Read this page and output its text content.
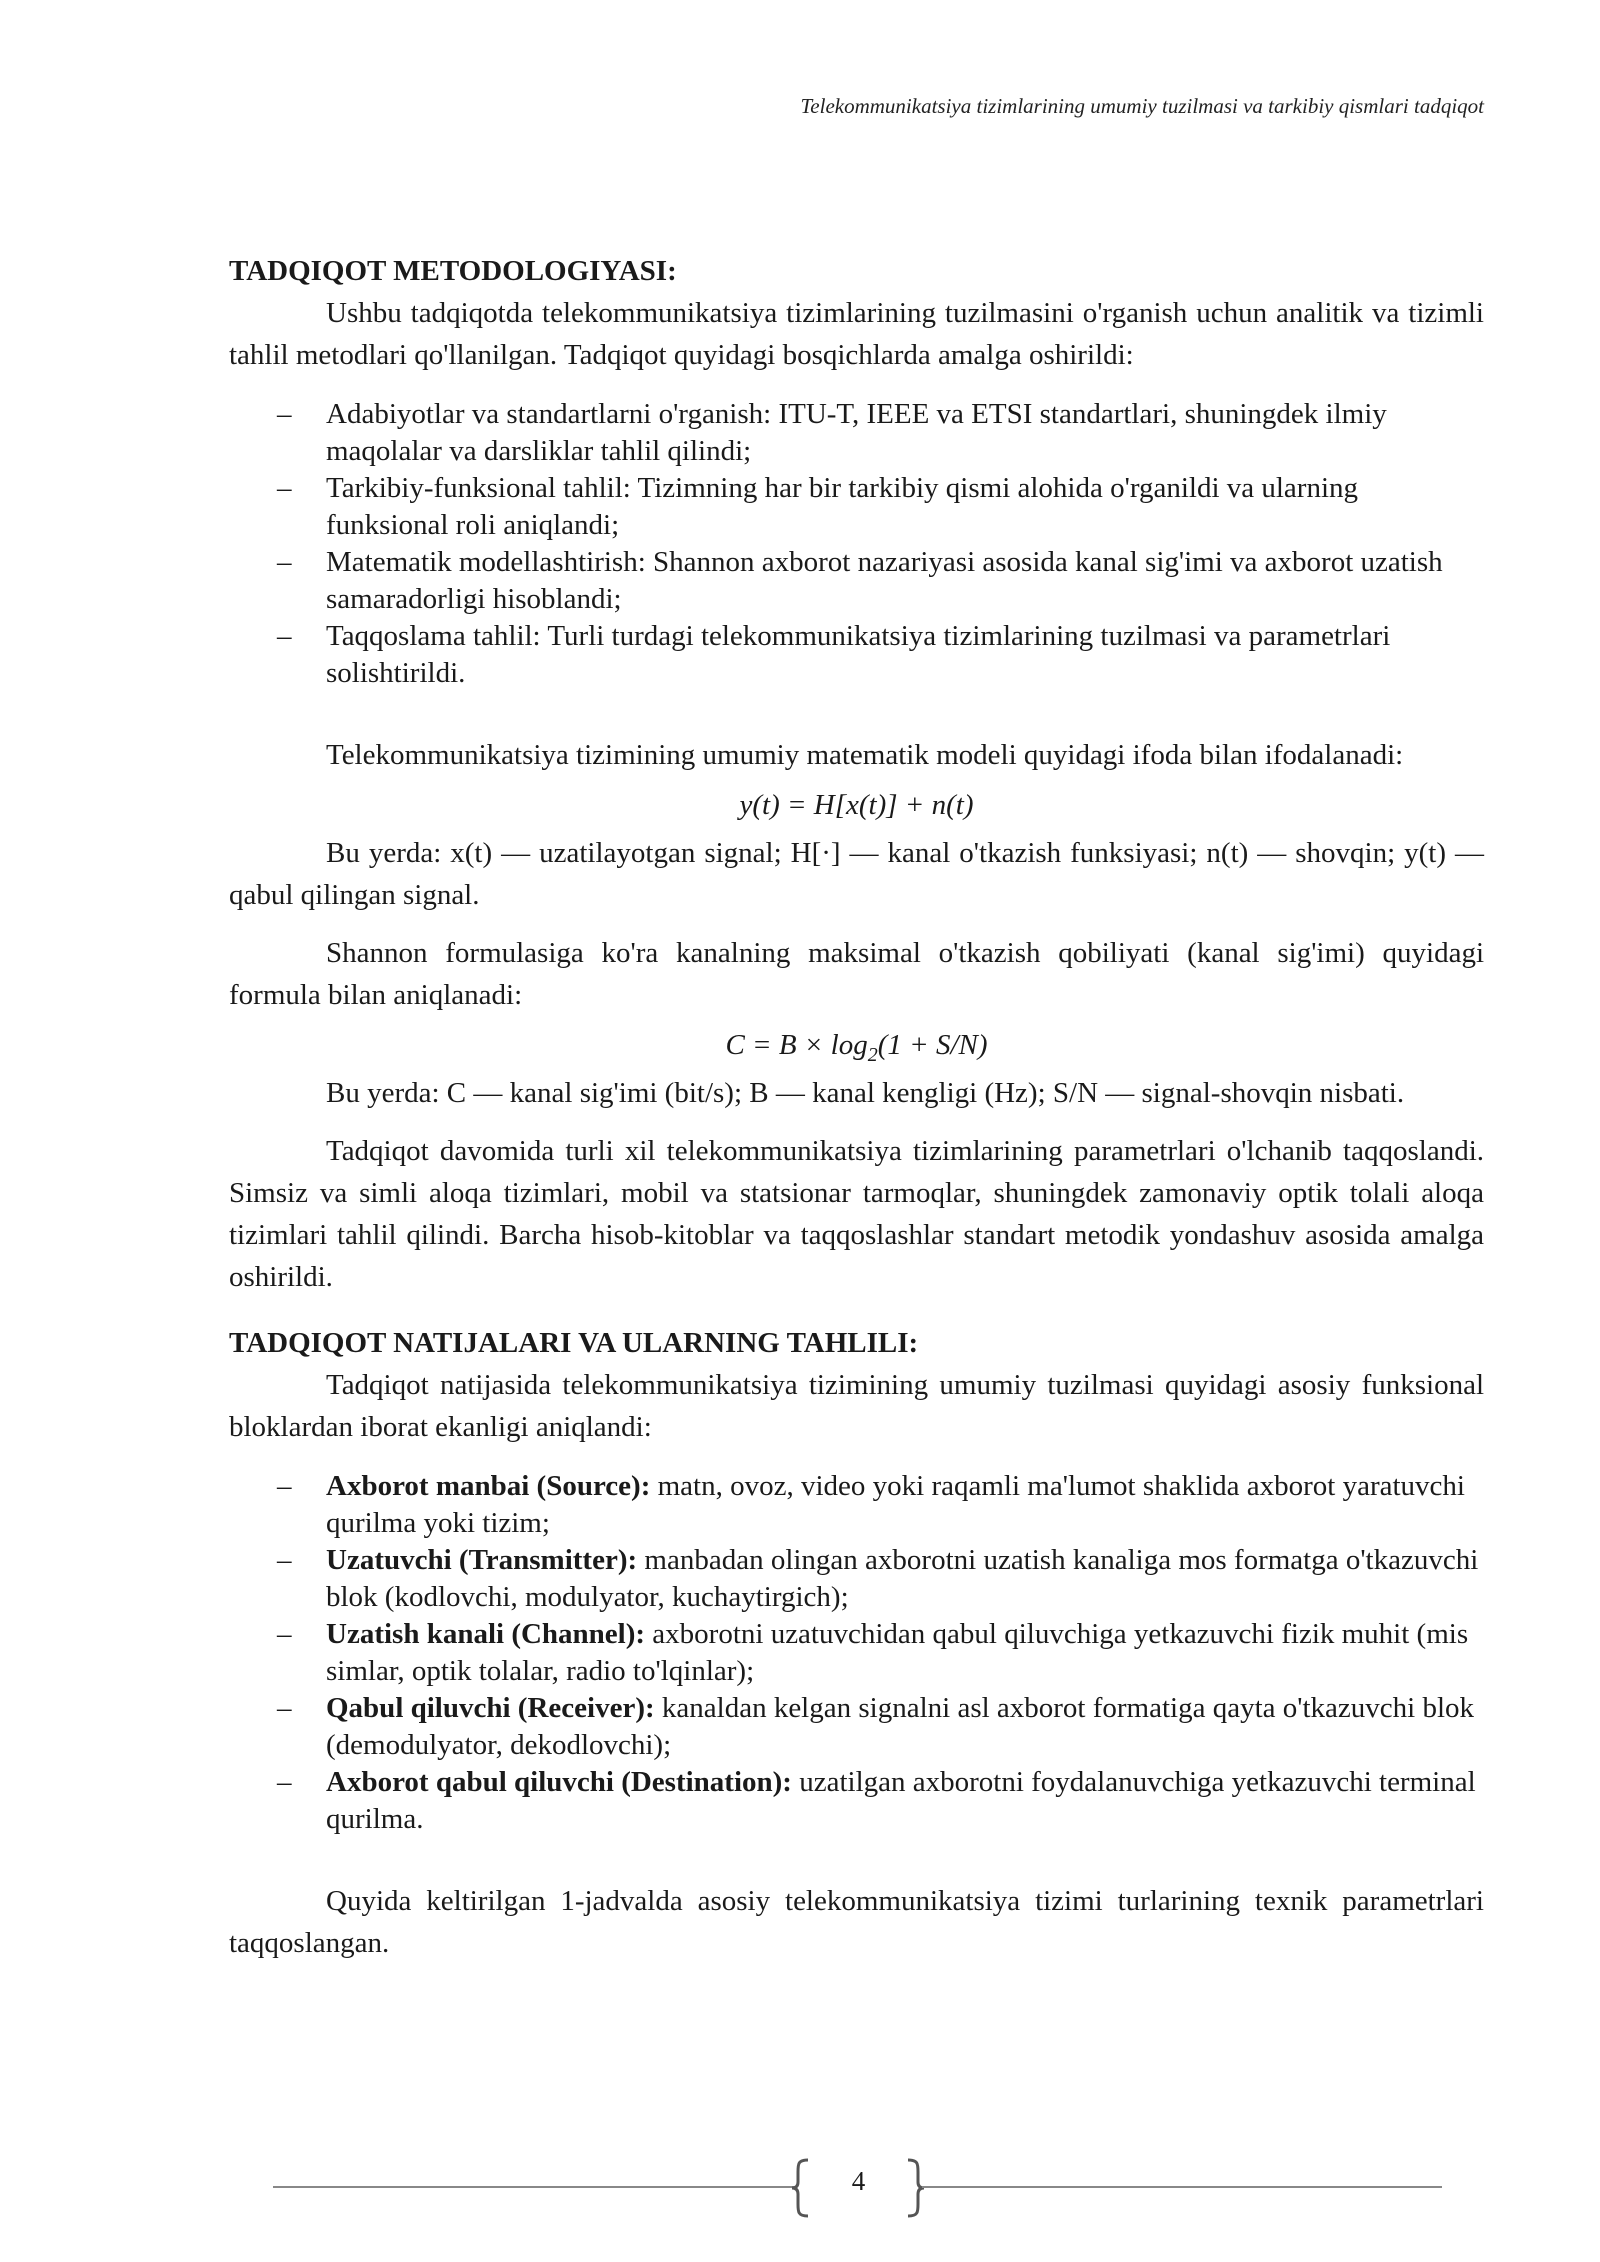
Telekommunikatsiya tizimlarining umumiy tuzilmasi va tarkibiy qismlari tadqiqot
TADQIQOT METODOLOGIYASI:

Ushbu tadqiqotda telekommunikatsiya tizimlarining tuzilmasini o'rganish uchun analitik va tizimli tahlil metodlari qo'llanilgan. Tadqiqot quyidagi bosqichlarda amalga oshirildi:

– Adabiyotlar va standartlarni o'rganish: ITU-T, IEEE va ETSI standartlari, shuningdek ilmiy maqolalar va darsliklar tahlil qilindi;
– Tarkibiy-funksional tahlil: Tizimning har bir tarkibiy qismi alohida o'rganildi va ularning funksional roli aniqlandi;
– Matematik modellashtirish: Shannon axborot nazariyasi asosida kanal sig'imi va axborot uzatish samaradorligi hisoblandi;
– Taqqoslama tahlil: Turli turdagi telekommunikatsiya tizimlarining tuzilmasi va parametrlari solishtirildi.

Telekommunikatsiya tizimining umumiy matematik modeli quyidagi ifoda bilan ifodalanadi:

y(t) = H[x(t)] + n(t)

Bu yerda: x(t) — uzatilayotgan signal; H[·] — kanal o'tkazish funksiyasi; n(t) — shovqin; y(t) — qabul qilingan signal.

Shannon formulasiga ko'ra kanalning maksimal o'tkazish qobiliyati (kanal sig'imi) quyidagi formula bilan aniqlanadi:

$C = B \times \log_2(1 + S/N)$

Bu yerda: C — kanal sig'imi (bit/s); B — kanal kengligi (Hz); S/N — signal-shovqin nisbati.

Tadqiqot davomida turli xil telekommunikatsiya tizimlarining parametrlari o'lchanib taqqoslandi. Simsiz va simli aloqa tizimlari, mobil va statsionar tarmoqlar, shuningdek zamonaviy optik tolali aloqa tizimlari tahlil qilindi. Barcha hisob-kitoblar va taqqoslashlar standart metodik yondashuv asosida amalga oshirildi.

TADQIQOT NATIJALARI VA ULARNING TAHLILI:

Tadqiqot natijasida telekommunikatsiya tizimining umumiy tuzilmasi quyidagi asosiy funksional bloklardan iborat ekanligi aniqlandi:

– Axborot manbai (Source): matn, ovoz, video yoki raqamli ma'lumot shaklida axborot yaratuvchi qurilma yoki tizim;
– Uzatuvchi (Transmitter): manbadan olingan axborotni uzatish kanaliga mos formatga o'tkazuvchi blok (kodlovchi, modulyator, kuchaytirgich);
– Uzatish kanali (Channel): axborotni uzatuvchidan qabul qiluvchiga yetkazuvchi fizik muhit (mis simlar, optik tolalar, radio to'lqinlar);
– Qabul qiluvchi (Receiver): kanaldan kelgan signalni asl axborot formatiga qayta o'tkazuvchi blok (demodulyator, dekodlovchi);
– Axborot qabul qiluvchi (Destination): uzatilgan axborotni foydalanuvchiga yetkazuvchi terminal qurilma.

Quyida keltirilgan 1-jadvalda asosiy telekommunikatsiya tizimi turlarining texnik parametrlari taqqoslangan.

4
